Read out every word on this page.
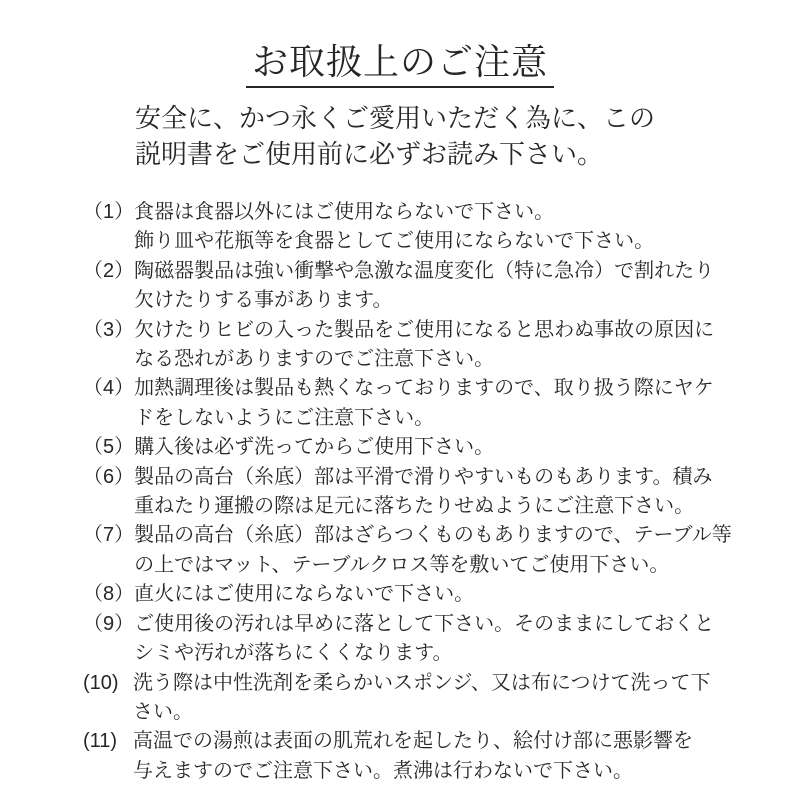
お取扱上のご注意
安全に、かつ永くご愛用いただく為に、この
説明書をご使用前に必ずお読み下さい。
（1） 食器は食器以外にはご使用ならないで下さい。
飾り皿や花瓶等を食器としてご使用にならないで下さい。
（2） 陶磁器製品は強い衝撃や急激な温度変化（特に急冷）で割れたり
欠けたりする事があります。
（3） 欠けたりヒビの入った製品をご使用になると思わぬ事故の原因に
なる恐れがありますのでご注意下さい。
（4） 加熱調理後は製品も熱くなっておりますので、取り扱う際にヤケ
ドをしないようにご注意下さい。
（5） 購入後は必ず洗ってからご使用下さい。
（6） 製品の高台（糸底）部は平滑で滑りやすいものもあります。積み
重ねたり運搬の際は足元に落ちたりせぬようにご注意下さい。
（7） 製品の高台（糸底）部はざらつくものもありますので、テーブル等
の上ではマット、テーブルクロス等を敷いてご使用下さい。
（8） 直火にはご使用にならないで下さい。
（9） ご使用後の汚れは早めに落として下さい。そのままにしておくと
シミや汚れが落ちにくくなります。
(10) 洗う際は中性洗剤を柔らかいスポンジ、又は布につけて洗って下
さい。
(11) 高温での湯煎は表面の肌荒れを起したり、絵付け部に悪影響を
与えますのでご注意下さい。煮沸は行わないで下さい。
